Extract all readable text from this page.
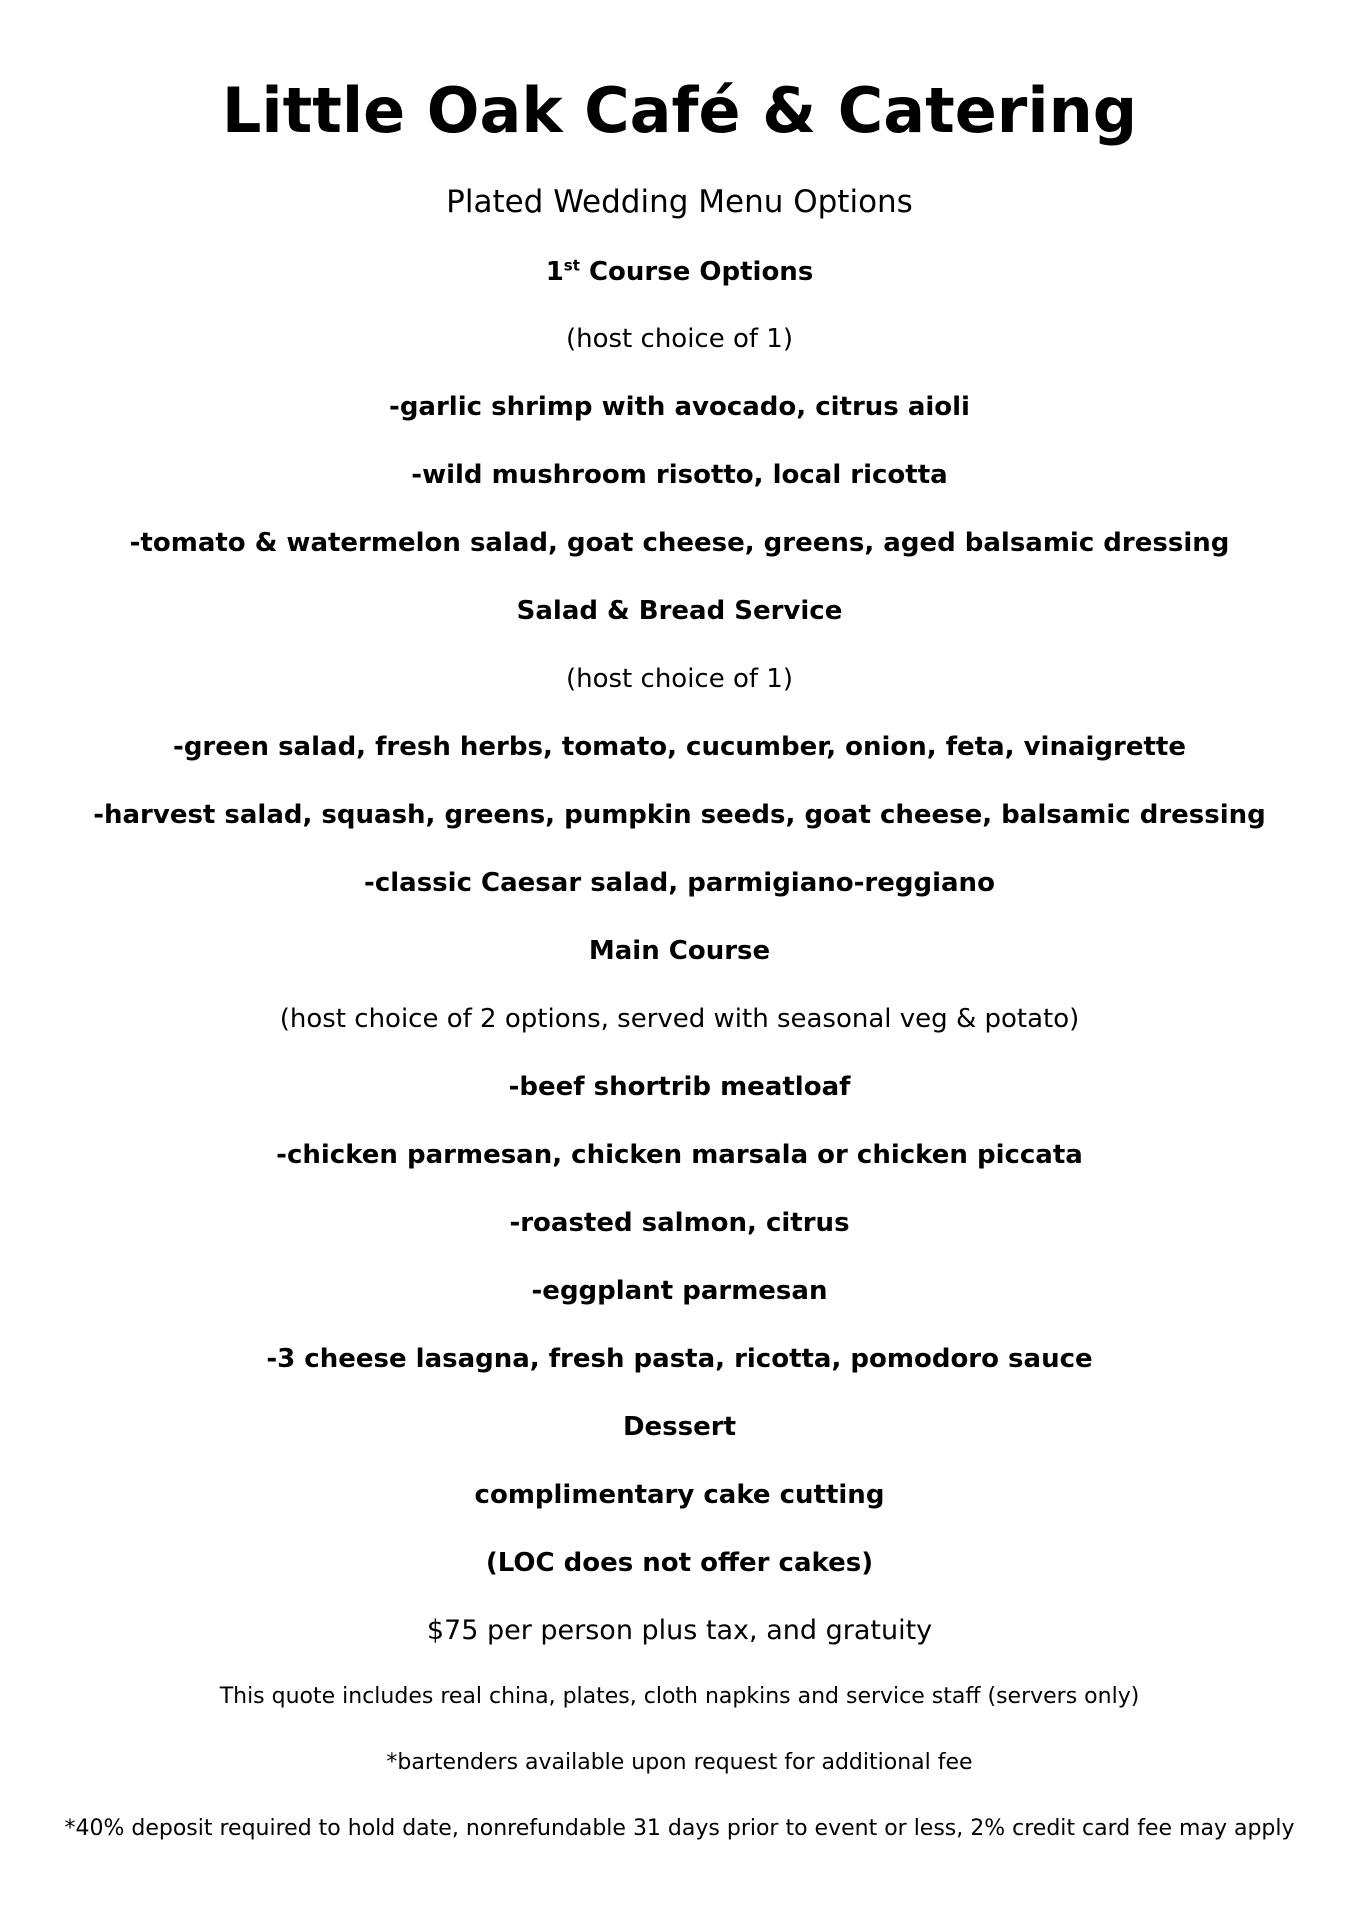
Little Oak Café & Catering
Plated Wedding Menu Options
1st Course Options
(host choice of 1)
-garlic shrimp with avocado, citrus aioli
-wild mushroom risotto, local ricotta
-tomato & watermelon salad, goat cheese, greens, aged balsamic dressing
Salad & Bread Service
(host choice of 1)
-green salad, fresh herbs, tomato, cucumber, onion, feta, vinaigrette
-harvest salad, squash, greens, pumpkin seeds, goat cheese, balsamic dressing
-classic Caesar salad, parmigiano-reggiano
Main Course
(host choice of 2 options, served with seasonal veg & potato)
-beef shortrib meatloaf
-chicken parmesan, chicken marsala or chicken piccata
-roasted salmon, citrus
-eggplant parmesan
-3 cheese lasagna, fresh pasta, ricotta, pomodoro sauce
Dessert
complimentary cake cutting
(LOC does not offer cakes)
$75 per person plus tax, and gratuity
This quote includes real china, plates, cloth napkins and service staff (servers only)
*bartenders available upon request for additional fee
*40% deposit required to hold date, nonrefundable 31 days prior to event or less, 2% credit card fee may apply
